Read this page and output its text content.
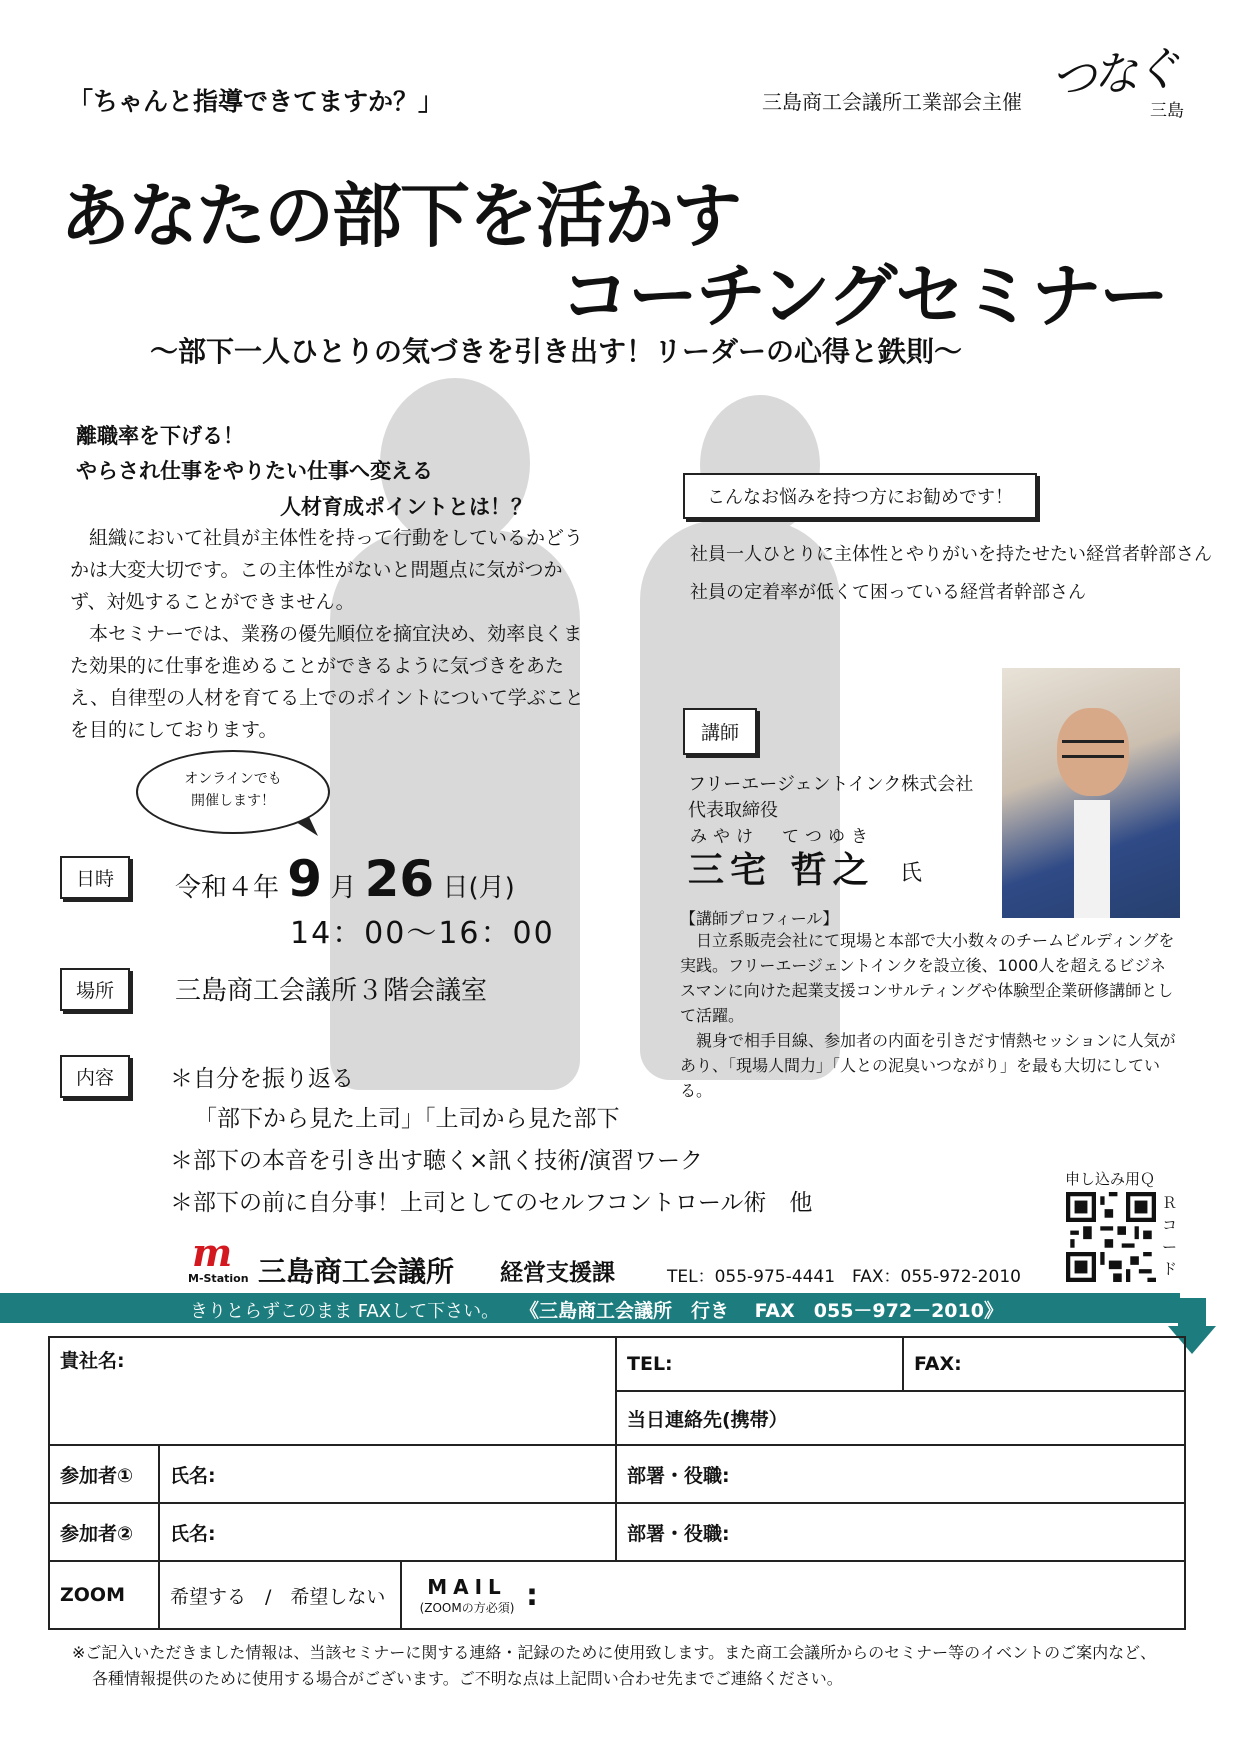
「ちゃんと指導できてますか？」	三島商工会議所工業部会主催 つなぐ
三島
あなたの部下を活かす
コーチングセミナー
～部下一人ひとりの気づきを引き出す！リーダーの心得と鉄則～
離職率を下げる！
やらされ仕事をやりたい仕事へ変える
人材育成ポイントとは！？
組織において社員が主体性を持って行動をしているかどうかは大変大切です。この主体性がないと問題点に気がつかず、対処することができません。
本セミナーでは、業務の優先順位を摘宜決め、効率良くまた効果的に仕事を進めることができるように気づきをあたえ、自律型の人材を育てる上でのポイントについて学ぶことを目的にしております。
こんなお悩みを持つ方にお勧めです！
社員一人ひとりに主体性とやりがいを持たせたい経営者幹部さん
社員の定着率が低くて困っている経営者幹部さん
講師
フリーエージェントインク株式会社
代表取締役
みやけ　てつゆき
三宅 哲之 氏
【講師プロフィール】
日立系販売会社にて現場と本部で大小数々のチームビルディングを実践。フリーエージェントインクを設立後、1000人を超えるビジネスマンに向けた起業支援コンサルティングや体験型企業研修講師として活躍。
親身で相手目線、参加者の内面を引きだす情熱セッションに人気があり、「現場人間力」「人との泥臭いつながり」を最も大切にしている。
オンラインでも
開催します！
日時	令和４年 9 月 26 日(月)
14：00～16：00
場所	三島商工会議所３階会議室
内容	＊自分を振り返る
「部下から見た上司」「上司から見た部下
＊部下の本音を引き出す聴く×訊く技術/演習ワーク
＊部下の前に自分事！上司としてのセルフコントロール術　他
申し込み用Ｑ
Ｒコード
m
M-Station 三島商工会議所 経営支援課	TEL：055-975-4441　FAX：055-972-2010
きりとらずこのまま FAXして下さい。 《三島商工会議所　行き　 FAX　055－972－2010》
貴社名:			TEL:	FAX:
			当日連絡先(携帯）	
参加者①	氏名:		部署・役職:	
参加者②	氏名:		部署・役職:	
ZOOM	希望する　/　希望しない	MAIL
(ZOOMの方必須) :		
※ご記入いただきました情報は、当該セミナーに関する連絡・記録のために使用致します。また商工会議所からのセミナー等のイベントのご案内など、
各種情報提供のために使用する場合がございます。ご不明な点は上記問い合わせ先までご連絡ください。
